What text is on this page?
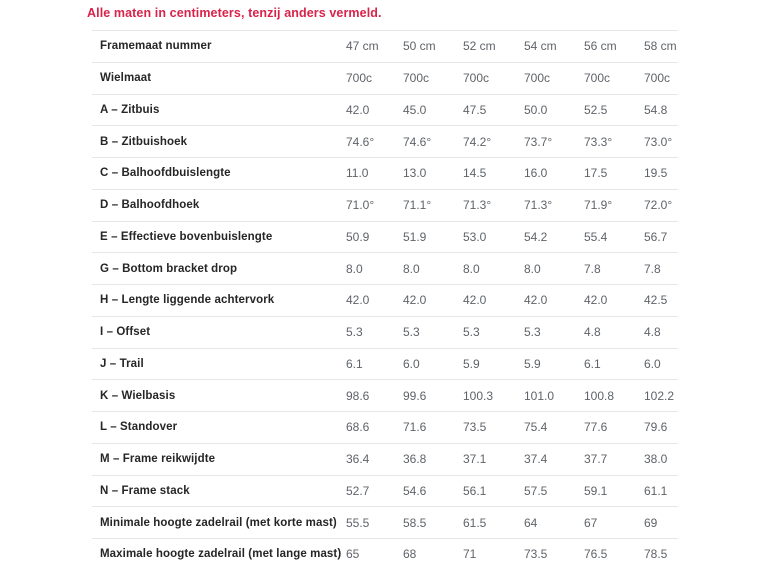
Alle maten in centimeters, tenzij anders vermeld.
Framemaat nummer	47 cm	50 cm	52 cm	54 cm	56 cm	58 cm
Wielmaat	700c	700c	700c	700c	700c	700c
A – Zitbuis	42.0	45.0	47.5	50.0	52.5	54.8
B – Zitbuishoek	74.6°	74.6°	74.2°	73.7°	73.3°	73.0°
C – Balhoofdbuislengte	11.0	13.0	14.5	16.0	17.5	19.5
D – Balhoofdhoek	71.0°	71.1°	71.3°	71.3°	71.9°	72.0°
E – Effectieve bovenbuislengte	50.9	51.9	53.0	54.2	55.4	56.7
G – Bottom bracket drop	8.0	8.0	8.0	8.0	7.8	7.8
H – Lengte liggende achtervork	42.0	42.0	42.0	42.0	42.0	42.5
I – Offset	5.3	5.3	5.3	5.3	4.8	4.8
J – Trail	6.1	6.0	5.9	5.9	6.1	6.0
K – Wielbasis	98.6	99.6	100.3	101.0	100.8	102.2
L – Standover	68.6	71.6	73.5	75.4	77.6	79.6
M – Frame reikwijdte	36.4	36.8	37.1	37.4	37.7	38.0
N – Frame stack	52.7	54.6	56.1	57.5	59.1	61.1
Minimale hoogte zadelrail (met korte mast) 55.5	58.5	61.5	64	67	69
Maximale hoogte zadelrail (met lange mast) 65	68	71	73.5	76.5	78.5
